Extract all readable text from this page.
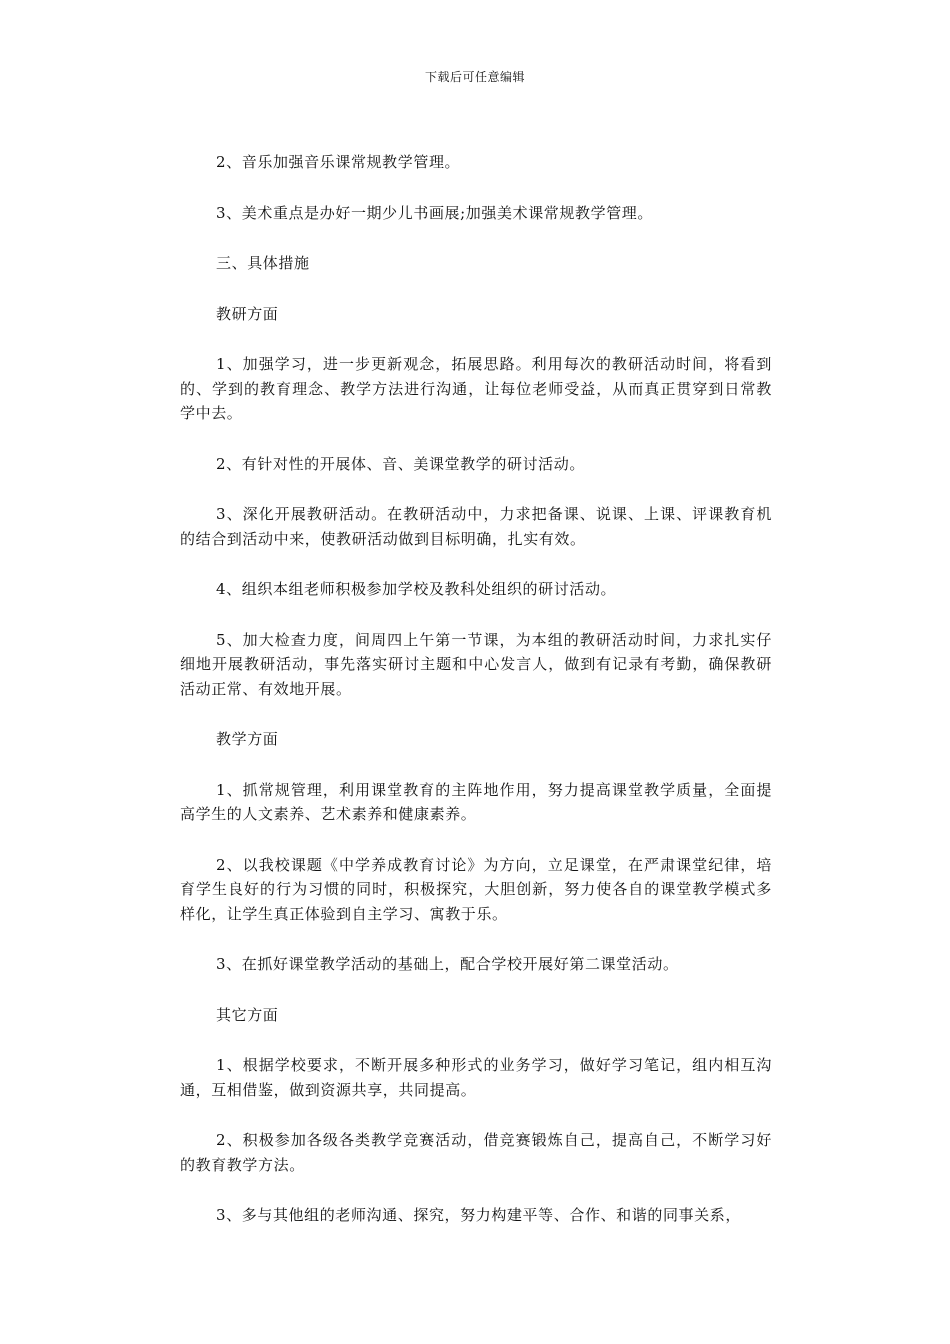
下载后可任意编辑

2、音乐加强音乐课常规教学管理。

3、美术重点是办好一期少儿书画展;加强美术课常规教学管理。

三、具体措施

教研方面

1、加强学习，进一步更新观念，拓展思路。利用每次的教研活动时间，将看到的、学到的教育理念、教学方法进行沟通，让每位老师受益，从而真正贯穿到日常教学中去。

2、有针对性的开展体、音、美课堂教学的研讨活动。

3、深化开展教研活动。在教研活动中，力求把备课、说课、上课、评课教育机的结合到活动中来，使教研活动做到目标明确，扎实有效。

4、组织本组老师积极参加学校及教科处组织的研讨活动。

5、加大检查力度，间周四上午第一节课，为本组的教研活动时间，力求扎实仔细地开展教研活动，事先落实研讨主题和中心发言人，做到有记录有考勤，确保教研活动正常、有效地开展。

教学方面

1、抓常规管理，利用课堂教育的主阵地作用，努力提高课堂教学质量，全面提高学生的人文素养、艺术素养和健康素养。

2、以我校课题《中学养成教育讨论》为方向，立足课堂，在严肃课堂纪律，培育学生良好的行为习惯的同时，积极探究，大胆创新，努力使各自的课堂教学模式多样化，让学生真正体验到自主学习、寓教于乐。

3、在抓好课堂教学活动的基础上，配合学校开展好第二课堂活动。

其它方面

1、根据学校要求，不断开展多种形式的业务学习，做好学习笔记，组内相互沟通，互相借鉴，做到资源共享，共同提高。

2、积极参加各级各类教学竞赛活动，借竞赛锻炼自己，提高自己，不断学习好的教育教学方法。

3、多与其他组的老师沟通、探究，努力构建平等、合作、和谐的同事关系，
